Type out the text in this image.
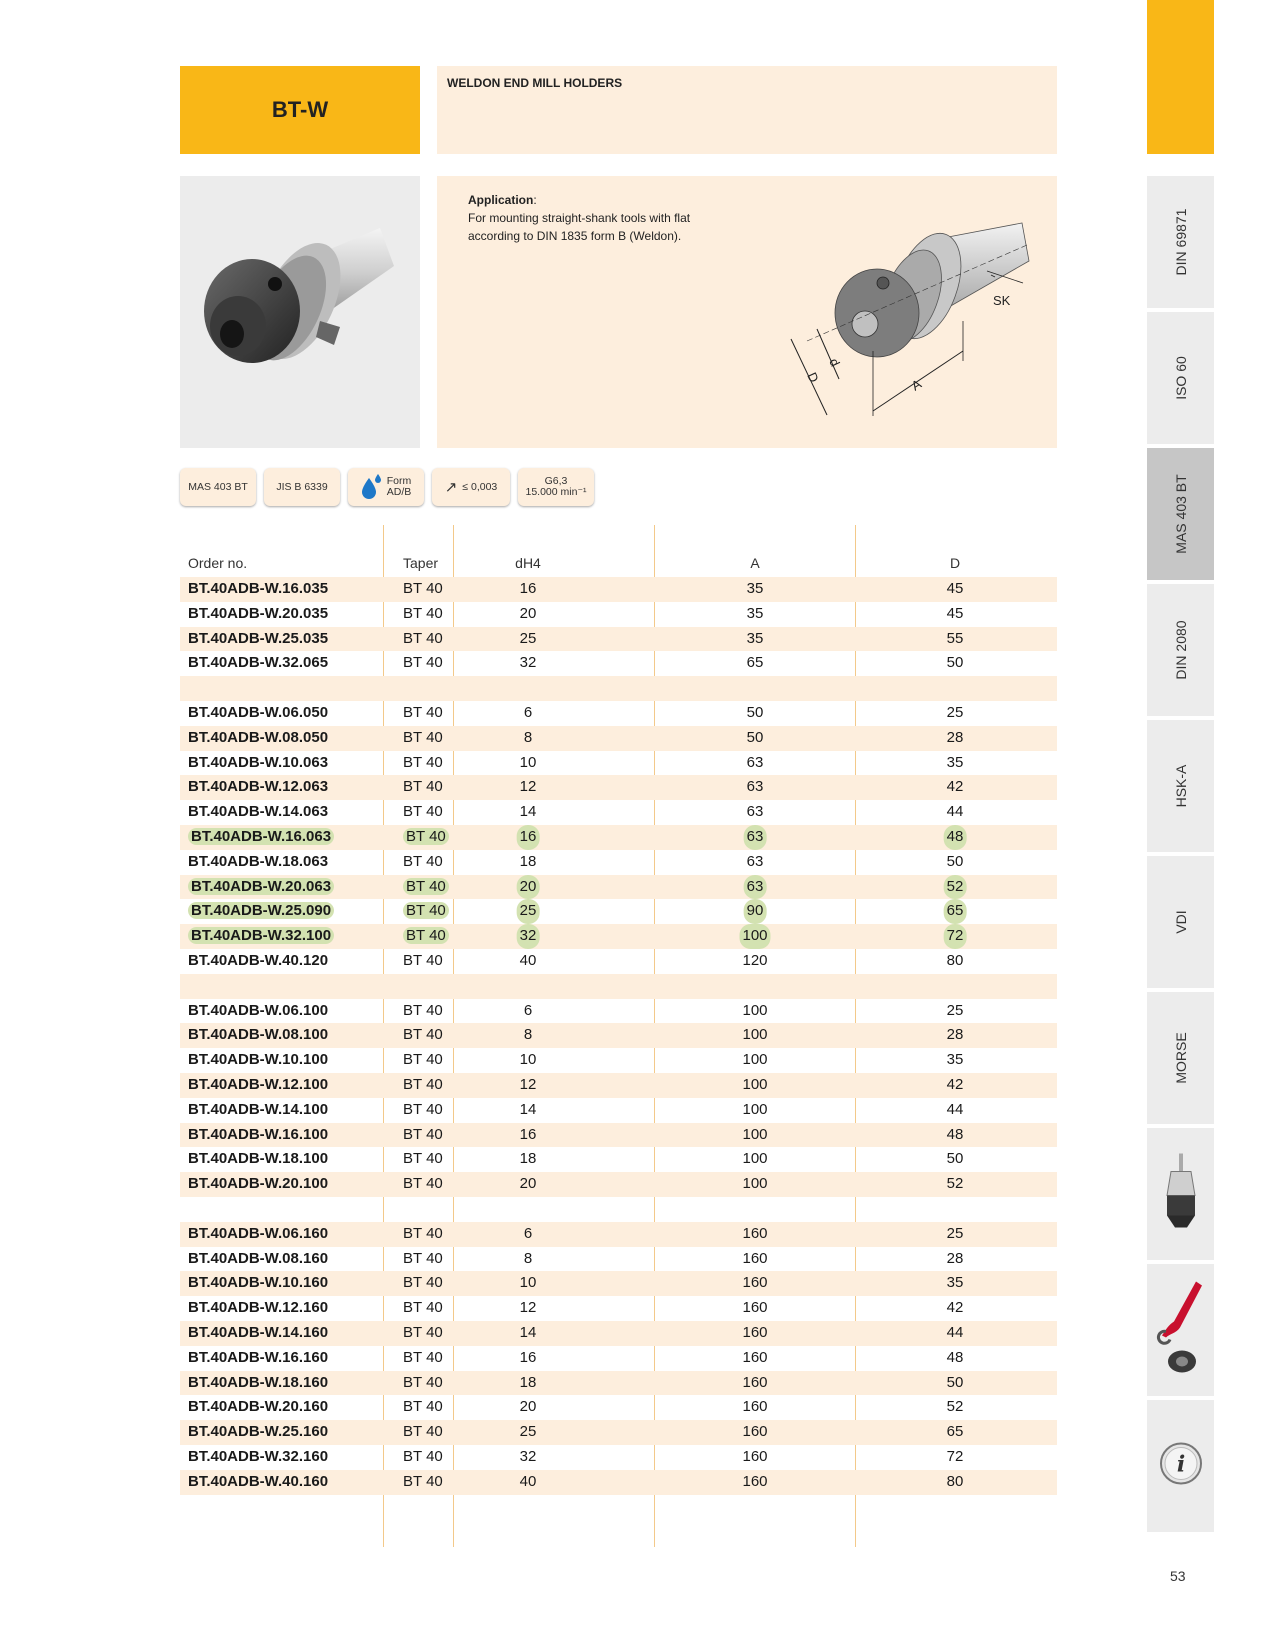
BT-W
WELDON END MILL HOLDERS
Application:
For mounting straight-shank tools with flat
according to DIN 1835 form B (Weldon).
SK
A
d
D
MAS 403 BT	JIS B 6339	Form
AD/B ↗ ≤ 0,003	G6,3
15.000 min⁻¹
Order no.	Taper	dH4	A	D
BT.40ADB-W.16.035	BT 40	16	35	45
BT.40ADB-W.20.035	BT 40	20	35	45
BT.40ADB-W.25.035	BT 40	25	35	55
BT.40ADB-W.32.065	BT 40	32	65	50
BT.40ADB-W.06.050	BT 40	6	50	25
BT.40ADB-W.08.050	BT 40	8	50	28
BT.40ADB-W.10.063	BT 40	10	63	35
BT.40ADB-W.12.063	BT 40	12	63	42
BT.40ADB-W.14.063	BT 40	14	63	44
BT.40ADB-W.16.063	BT 40	16	63	48
BT.40ADB-W.18.063	BT 40	18	63	50
BT.40ADB-W.20.063	BT 40	20	63	52
BT.40ADB-W.25.090	BT 40	25	90	65
BT.40ADB-W.32.100	BT 40	32	100	72
BT.40ADB-W.40.120	BT 40	40	120	80
BT.40ADB-W.06.100	BT 40	6	100	25
BT.40ADB-W.08.100	BT 40	8	100	28
BT.40ADB-W.10.100	BT 40	10	100	35
BT.40ADB-W.12.100	BT 40	12	100	42
BT.40ADB-W.14.100	BT 40	14	100	44
BT.40ADB-W.16.100	BT 40	16	100	48
BT.40ADB-W.18.100	BT 40	18	100	50
BT.40ADB-W.20.100	BT 40	20	100	52
BT.40ADB-W.06.160	BT 40	6	160	25
BT.40ADB-W.08.160	BT 40	8	160	28
BT.40ADB-W.10.160	BT 40	10	160	35
BT.40ADB-W.12.160	BT 40	12	160	42
BT.40ADB-W.14.160	BT 40	14	160	44
BT.40ADB-W.16.160	BT 40	16	160	48
BT.40ADB-W.18.160	BT 40	18	160	50
BT.40ADB-W.20.160	BT 40	20	160	52
BT.40ADB-W.25.160	BT 40	25	160	65
BT.40ADB-W.32.160	BT 40	32	160	72
BT.40ADB-W.40.160	BT 40	40	160	80
DIN 69871
ISO 60
MAS 403 BT
DIN 2080
HSK-A
VDI
MORSE
i
53
